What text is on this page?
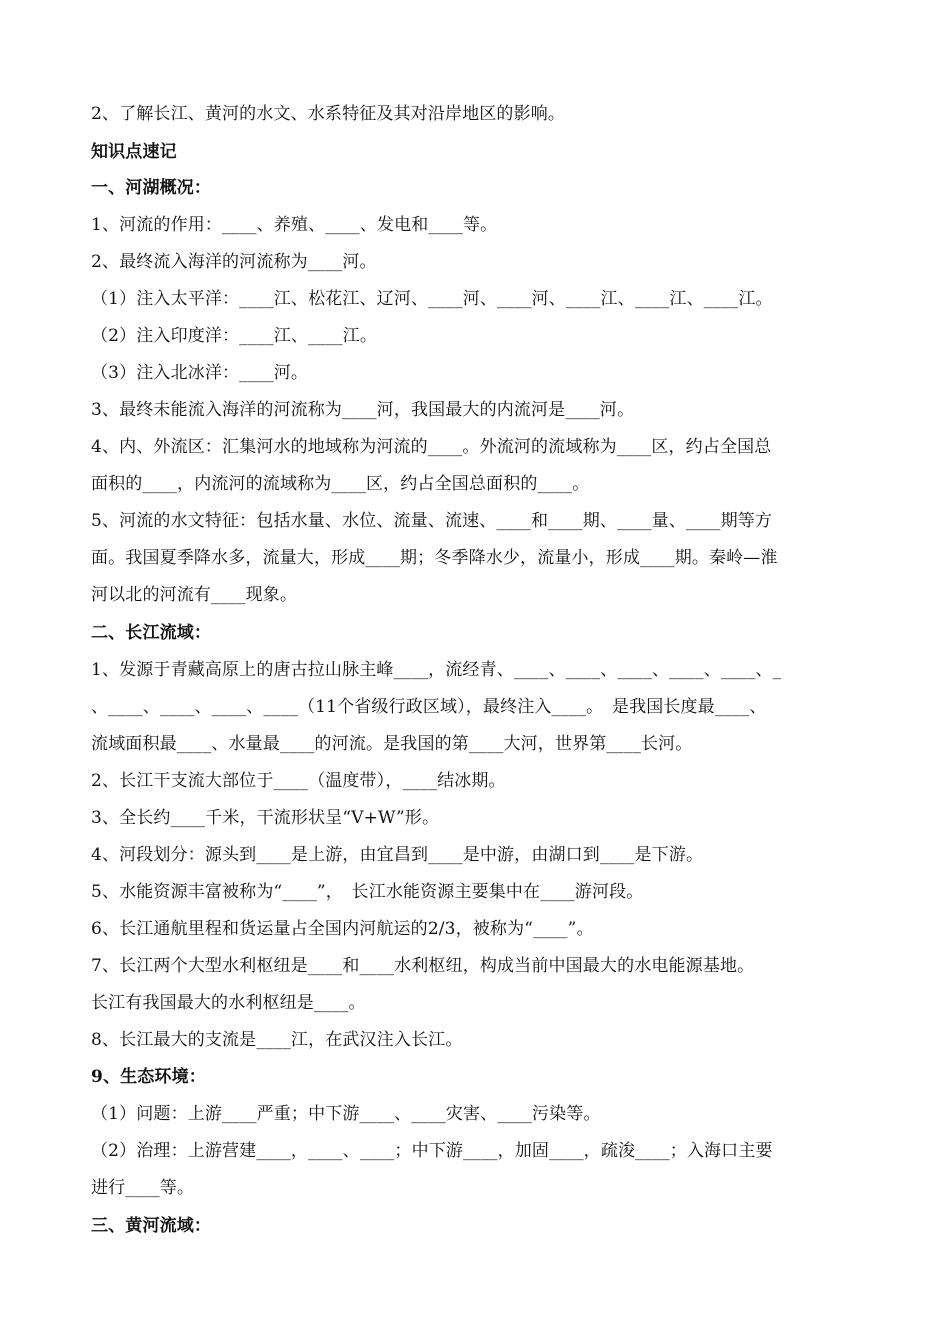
2、了解长江、黄河的水文、水系特征及其对沿岸地区的影响。
知识点速记
一、河湖概况：
1、河流的作用：____、养殖、____、发电和____等。
2、最终流入海洋的河流称为____河。
（1）注入太平洋：____江、松花江、辽河、____河、____河、____江、____江、____江。
（2）注入印度洋：____江、____江。
（3）注入北冰洋：____河。
3、最终未能流入海洋的河流称为____河，我国最大的内流河是____河。
4、内、外流区：汇集河水的地域称为河流的____。外流河的流域称为____区，约占全国总
面积的____，内流河的流域称为____区，约占全国总面积的____。
5、河流的水文特征：包括水量、水位、流量、流速、____和____期、____量、____期等方
面。我国夏季降水多，流量大，形成____期；冬季降水少，流量小，形成____期。秦岭—淮
河以北的河流有____现象。
二、长江流域：
1、发源于青藏高原上的唐古拉山脉主峰____，流经青、____、____、____、____、____、_
、____、____、____、____（11个省级行政区域），最终注入____。　是我国长度最____、
流域面积最____、水量最____的河流。是我国的第____大河，世界第____长河。
2、长江干支流大部位于____（温度带），____结冰期。
3、全长约____千米，干流形状呈“V+W”形。
4、河段划分：源头到____是上游，由宜昌到____是中游，由湖口到____是下游。
5、水能资源丰富被称为“____”，　长江水能资源主要集中在____游河段。
6、长江通航里程和货运量占全国内河航运的2/3，被称为“____”。
7、长江两个大型水利枢纽是____和____水利枢纽，构成当前中国最大的水电能源基地。
长江有我国最大的水利枢纽是____。
8、长江最大的支流是____江，在武汉注入长江。
9、生态环境：
（1）问题：上游____严重；中下游____、____灾害、____污染等。
（2）治理：上游营建____，____、____；中下游____，加固____，疏浚____；入海口主要
进行____等。
三、黄河流域：
